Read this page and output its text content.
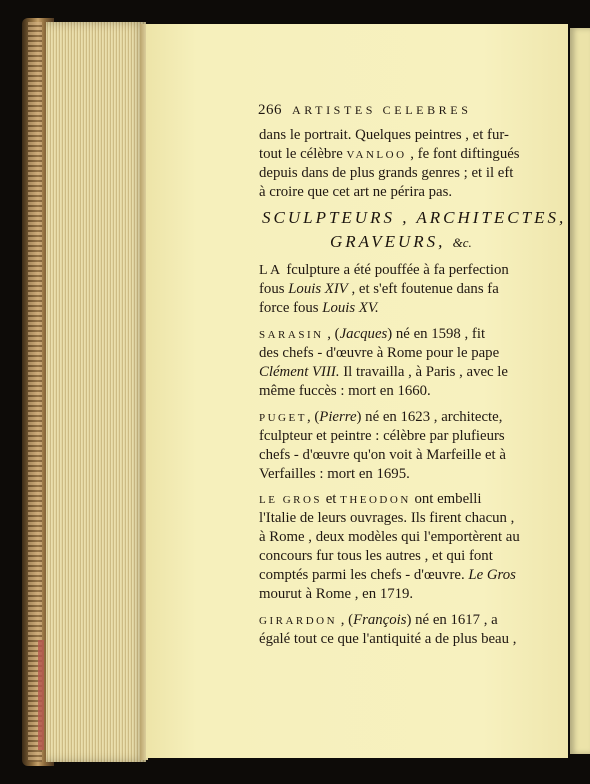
266 ARTISTES CELEBRES
dans le portrait. Quelques peintres , et fur-
tout le célèbre VANLOO , fe font diftingués
depuis dans de plus grands genres ; et il eft
à croire que cet art ne périra pas.
SCULPTEURS , ARCHITECTES,
GRAVEURS, &c.
LA fculpture a été pouffée à fa perfection
fous Louis XIV , et s'eft foutenue dans fa
force fous Louis XV.
SARASIN , (Jacques) né en 1598 , fit
des chefs - d'œuvre à Rome pour le pape
Clément VIII. Il travailla , à Paris , avec le
même fuccès : mort en 1660.
PUGET, (Pierre) né en 1623 , architecte,
fculpteur et peintre : célèbre par plufieurs
chefs - d'œuvre qu'on voit à Marfeille et à
Verfailles : mort en 1695.
LE GROS et THEODON ont embelli
l'Italie de leurs ouvrages. Ils firent chacun ,
à Rome , deux modèles qui l'emportèrent au
concours fur tous les autres , et qui font
comptés parmi les chefs - d'œuvre. Le Gros
mourut à Rome , en 1719.
GIRARDON , (François) né en 1617 , a
égalé tout ce que l'antiquité a de plus beau ,
